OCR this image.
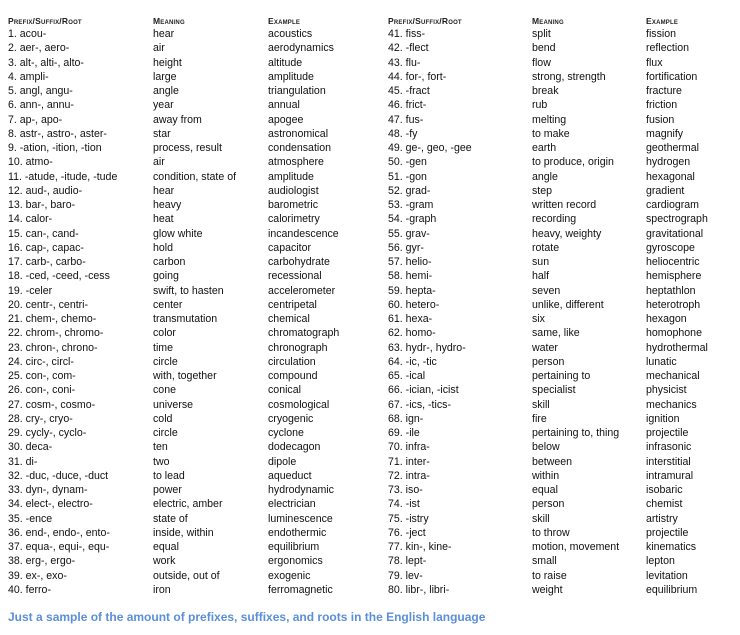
Prefix/Suffix/Root	Meaning	Example
1. acou-	hear	acoustics
2. aer-, aero-	air	aerodynamics
3. alt-, alti-, alto-	height	altitude
4. ampli-	large	amplitude
5. angl, angu-	angle	triangulation
6. ann-, annu-	year	annual
7. ap-, apo-	away from	apogee
8. astr-, astro-, aster-	star	astronomical
9. -ation, -ition, -tion	process, result	condensation
10. atmo-	air	atmosphere
11. -atude, -itude, -tude	condition, state of	amplitude
12. aud-, audio-	hear	audiologist
13. bar-, baro-	heavy	barometric
14. calor-	heat	calorimetry
15. can-, cand-	glow white	incandescence
16. cap-, capac-	hold	capacitor
17. carb-, carbo-	carbon	carbohydrate
18. -ced, -ceed, -cess	going	recessional
19. -celer	swift, to hasten	accelerometer
20. centr-, centri-	center	centripetal
21. chem-, chemo-	transmutation	chemical
22. chrom-, chromo-	color	chromatograph
23. chron-, chrono-	time	chronograph
24. circ-, circl-	circle	circulation
25. con-, com-	with, together	compound
26. con-, coni-	cone	conical
27. cosm-, cosmo-	universe	cosmological
28. cry-, cryo-	cold	cryogenic
29. cycly-, cyclo-	circle	cyclone
30. deca-	ten	dodecagon
31. di-	two	dipole
32. -duc, -duce, -duct	to lead	aqueduct
33. dyn-, dynam-	power	hydrodynamic
34. elect-, electro-	electric, amber	electrician
35. -ence	state of	luminescence
36. end-, endo-, ento-	inside, within	endothermic
37. equa-, equi-, equ-	equal	equilibrium
38. erg-, ergo-	work	ergonomics
39. ex-, exo-	outside, out of	exogenic
40. ferro-	iron	ferromagnetic
Prefix/Suffix/Root	Meaning	Example
41. fiss-	split	fission
42. -flect	bend	reflection
43. flu-	flow	flux
44. for-, fort-	strong, strength	fortification
45. -fract	break	fracture
46. frict-	rub	friction
47. fus-	melting	fusion
48. -fy	to make	magnify
49. ge-, geo, -gee	earth	geothermal
50. -gen	to produce, origin	hydrogen
51. -gon	angle	hexagonal
52. grad-	step	gradient
53. -gram	written record	cardiogram
54. -graph	recording	spectrograph
55. grav-	heavy, weighty	gravitational
56. gyr-	rotate	gyroscope
57. helio-	sun	heliocentric
58. hemi-	half	hemisphere
59. hepta-	seven	heptathlon
60. hetero-	unlike, different	heterotroph
61. hexa-	six	hexagon
62. homo-	same, like	homophone
63. hydr-, hydro-	water	hydrothermal
64. -ic, -tic	person	lunatic
65. -ical	pertaining to	mechanical
66. -ician, -icist	specialist	physicist
67. -ics, -tics-	skill	mechanics
68. ign-	fire	ignition
69. -ile	pertaining to, thing	projectile
70. infra-	below	infrasonic
71. inter-	between	interstitial
72. intra-	within	intramural
73. iso-	equal	isobaric
74. -ist	person	chemist
75. -istry	skill	artistry
76. -ject	to throw	projectile
77. kin-, kine-	motion, movement	kinematics
78. lept-	small	lepton
79. lev-	to raise	levitation
80. libr-, libri-	weight	equilibrium
Just a sample of the amount of prefixes, suffixes, and roots in the English language
